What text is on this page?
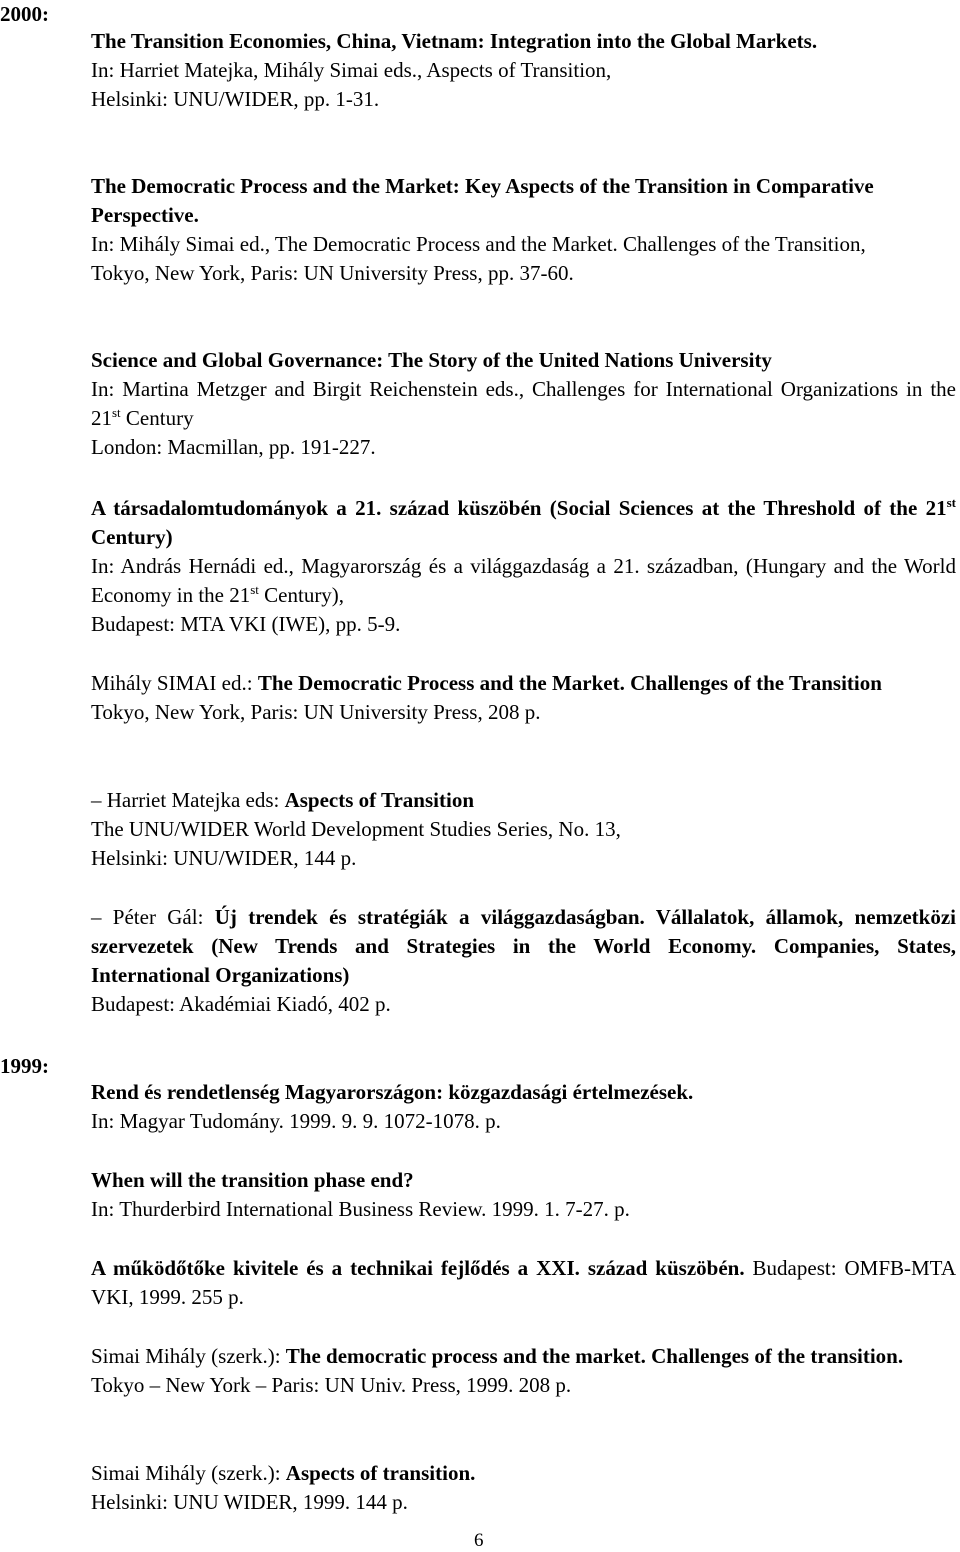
2000:
1999:

The Transition Economies, China, Vietnam: Integration into the Global Markets.

In: Harriet Matejka, Mihály Simai eds., Aspects of Transition,

Helsinki: UNU/WIDER, pp. 1-31.

The Democratic Process and the Market: Key Aspects of the Transition in Comparative Perspective.

In: Mihály Simai ed., The Democratic Process and the Market. Challenges of the Transition,

Tokyo, New York, Paris: UN University Press, pp. 37-60.

Science and Global Governance: The Story of the United Nations University

In: Martina Metzger and Birgit Reichenstein eds., Challenges for International Organizations in the 21st Century

London: Macmillan, pp. 191-227.

A társadalomtudományok a 21. század küszöbén (Social Sciences at the Threshold of the 21st Century)

In: András Hernádi ed., Magyarország és a világgazdaság a 21. században, (Hungary and the World Economy in the 21st Century),

Budapest: MTA VKI (IWE), pp. 5-9.

Mihály SIMAI ed.: The Democratic Process and the Market. Challenges of the Transition

Tokyo, New York, Paris: UN University Press, 208 p.

– Harriet Matejka eds: Aspects of Transition

The UNU/WIDER World Development Studies Series, No. 13,

Helsinki: UNU/WIDER, 144 p.

– Péter Gál: Új trendek és stratégiák a világgazdaságban. Vállalatok, államok, nemzetközi szervezetek (New Trends and Strategies in the World Economy. Companies, States, International Organizations)

Budapest: Akadémiai Kiadó, 402 p.

Rend és rendetlenség Magyarországon: közgazdasági értelmezések.

In: Magyar Tudomány. 1999. 9. 9. 1072-1078. p.

When will the transition phase end?

In: Thurderbird International Business Review. 1999. 1. 7-27. p.

A működőtőke kivitele és a technikai fejlődés a XXI. század küszöbén. Budapest: OMFB-MTA VKI, 1999. 255 p.

Simai Mihály (szerk.): The democratic process and the market. Challenges of the transition.

Tokyo – New York – Paris: UN Univ. Press, 1999. 208 p.

Simai Mihály (szerk.): Aspects of transition.

Helsinki: UNU WIDER, 1999. 144 p.

6
